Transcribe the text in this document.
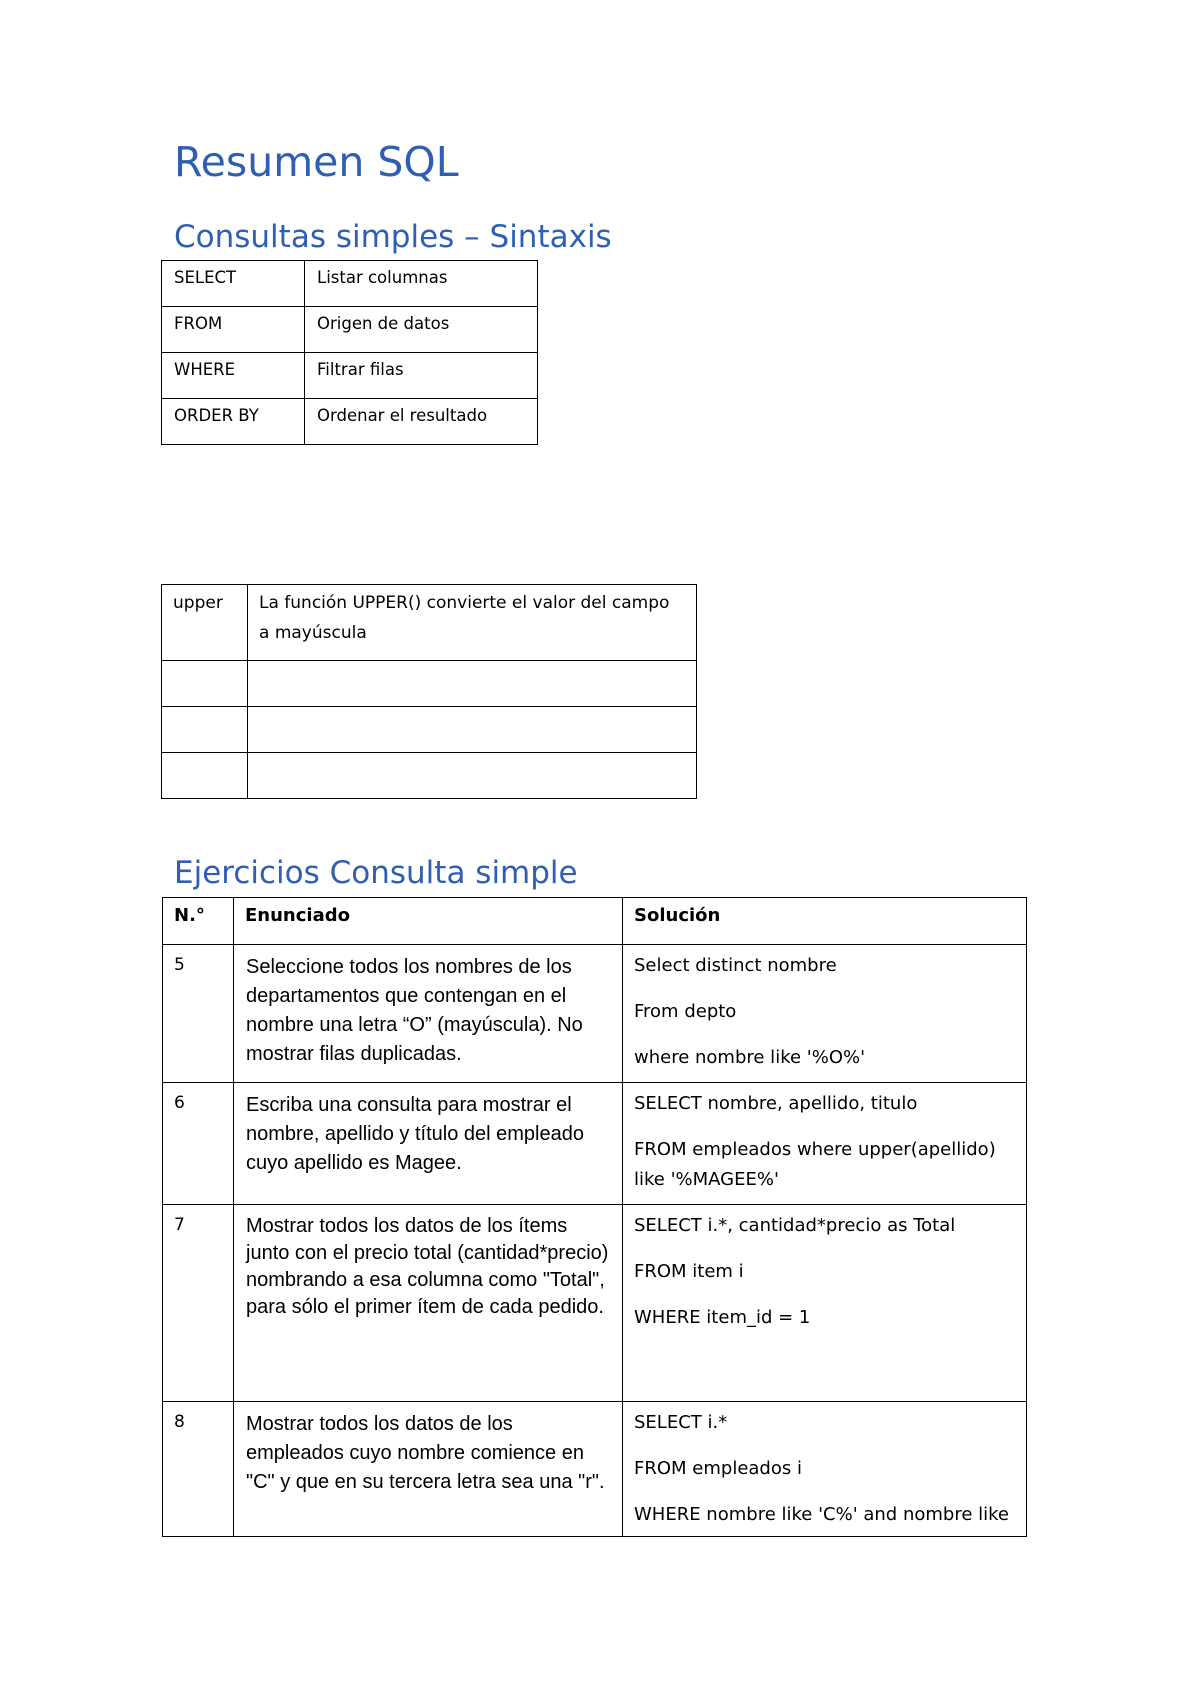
Resumen SQL
Consultas simples – Sintaxis
SELECT	Listar columnas

FROM	Origen de datos

WHERE	Filtrar filas

ORDER BY	Ordenar el resultado
upper	La función UPPER() convierte el valor del campo a mayúscula

Ejercicios Consulta simple
N.°	Enunciado	Solución

5	Seleccione todos los nombres de los departamentos que contengan en el nombre una letra “O” (mayúscula). No mostrar filas duplicadas.	Select distinct nombre

From depto

where nombre like '%O%'

6	Escriba una consulta para mostrar el nombre, apellido y título del empleado cuyo apellido es Magee.	SELECT nombre, apellido, titulo

FROM empleados where upper(apellido) like '%MAGEE%'

7	Mostrar todos los datos de los ítems junto con el precio total (cantidad*precio) nombrando a esa columna como "Total", para sólo el primer ítem de cada pedido.	SELECT i.*, cantidad*precio as Total

FROM item i

WHERE item_id = 1

8	Mostrar todos los datos de los empleados cuyo nombre comience en "C" y que en su tercera letra sea una "r".	SELECT i.*

FROM empleados i

WHERE nombre like 'C%' and nombre like
